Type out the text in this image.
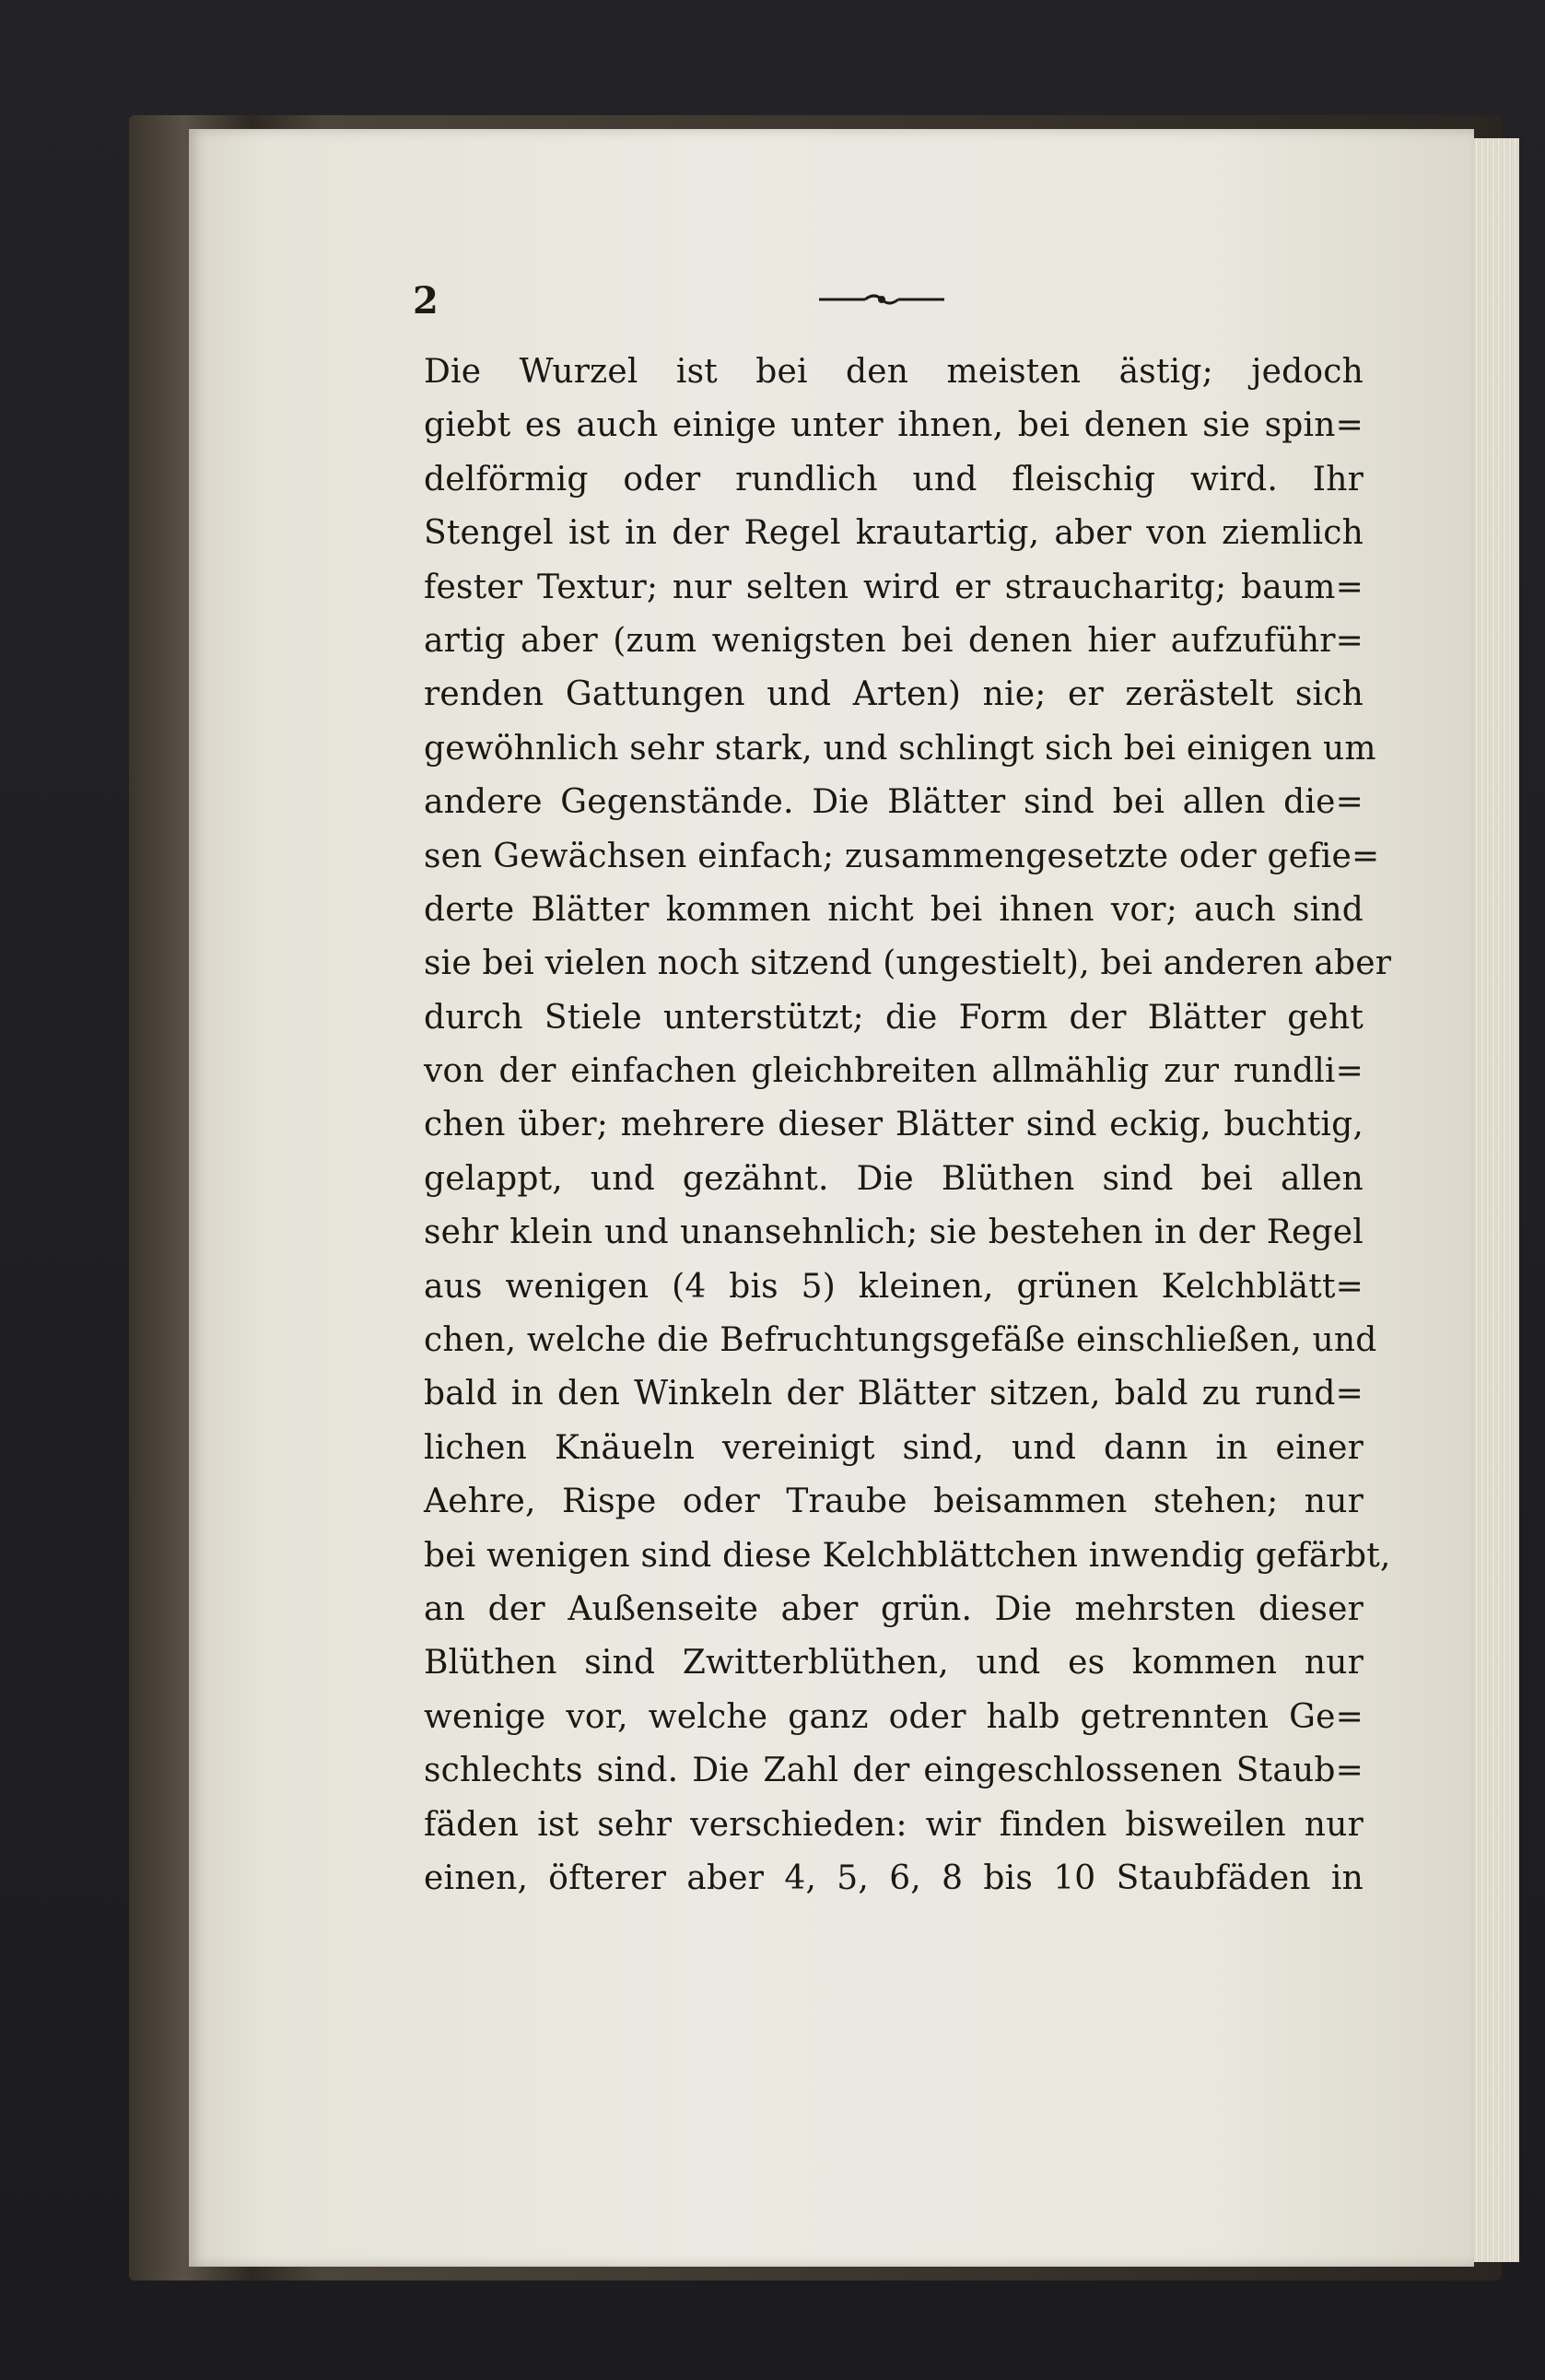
2
Die Wurzel ist bei den meisten ästig; jedoch
giebt es auch einige unter ihnen, bei denen sie spin=
delförmig oder rundlich und fleischig wird. Ihr
Stengel ist in der Regel krautartig, aber von ziemlich
fester Textur; nur selten wird er straucharitg; baum=
artig aber (zum wenigsten bei denen hier aufzuführ=
renden Gattungen und Arten) nie; er zerästelt sich
gewöhnlich sehr stark, und schlingt sich bei einigen um
andere Gegenstände. Die Blätter sind bei allen die=
sen Gewächsen einfach; zusammengesetzte oder gefie=
derte Blätter kommen nicht bei ihnen vor; auch sind
sie bei vielen noch sitzend (ungestielt), bei anderen aber
durch Stiele unterstützt; die Form der Blätter geht
von der einfachen gleichbreiten allmählig zur rundli=
chen über; mehrere dieser Blätter sind eckig, buchtig,
gelappt, und gezähnt. Die Blüthen sind bei allen
sehr klein und unansehnlich; sie bestehen in der Regel
aus wenigen (4 bis 5) kleinen, grünen Kelchblätt=
chen, welche die Befruchtungsgefäße einschließen, und
bald in den Winkeln der Blätter sitzen, bald zu rund=
lichen Knäueln vereinigt sind, und dann in einer
Aehre, Rispe oder Traube beisammen stehen; nur
bei wenigen sind diese Kelchblättchen inwendig gefärbt,
an der Außenseite aber grün. Die mehrsten dieser
Blüthen sind Zwitterblüthen, und es kommen nur
wenige vor, welche ganz oder halb getrennten Ge=
schlechts sind. Die Zahl der eingeschlossenen Staub=
fäden ist sehr verschieden: wir finden bisweilen nur
einen, öfterer aber 4, 5, 6, 8 bis 10 Staubfäden in
